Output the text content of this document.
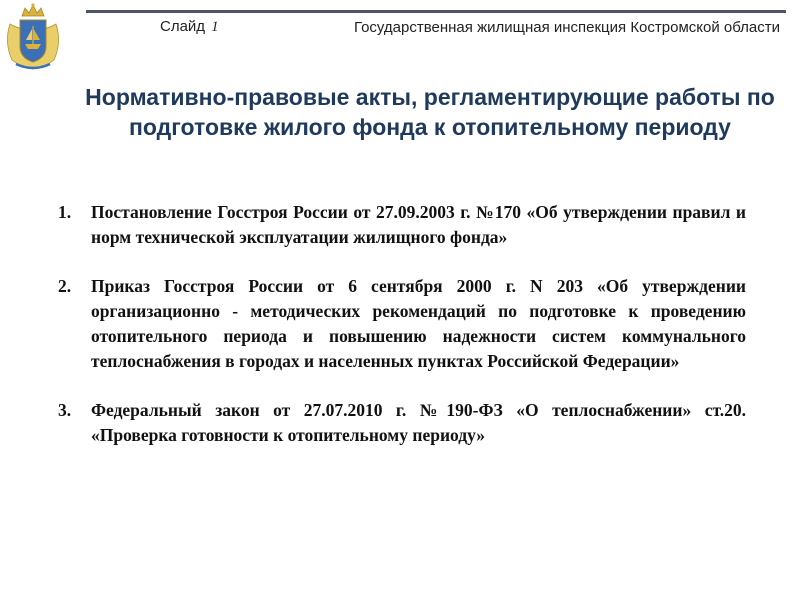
Слайд 1	Государственная жилищная инспекция Костромской области
Нормативно-правовые акты, регламентирующие работы по подготовке жилого фонда к отопительному периоду
1.	Постановление Госстроя России от 27.09.2003 г. №170 «Об утверждении правил и норм технической эксплуатации жилищного фонда»
2.	Приказ Госстроя России от 6 сентября 2000 г. N 203 «Об утверждении организационно - методических рекомендаций по подготовке к проведению отопительного периода и повышению надежности систем коммунального теплоснабжения в городах и населенных пунктах Российской Федерации»
3.	Федеральный закон от 27.07.2010 г. №190-ФЗ «О теплоснабжении» ст.20. «Проверка готовности к отопительному периоду»
